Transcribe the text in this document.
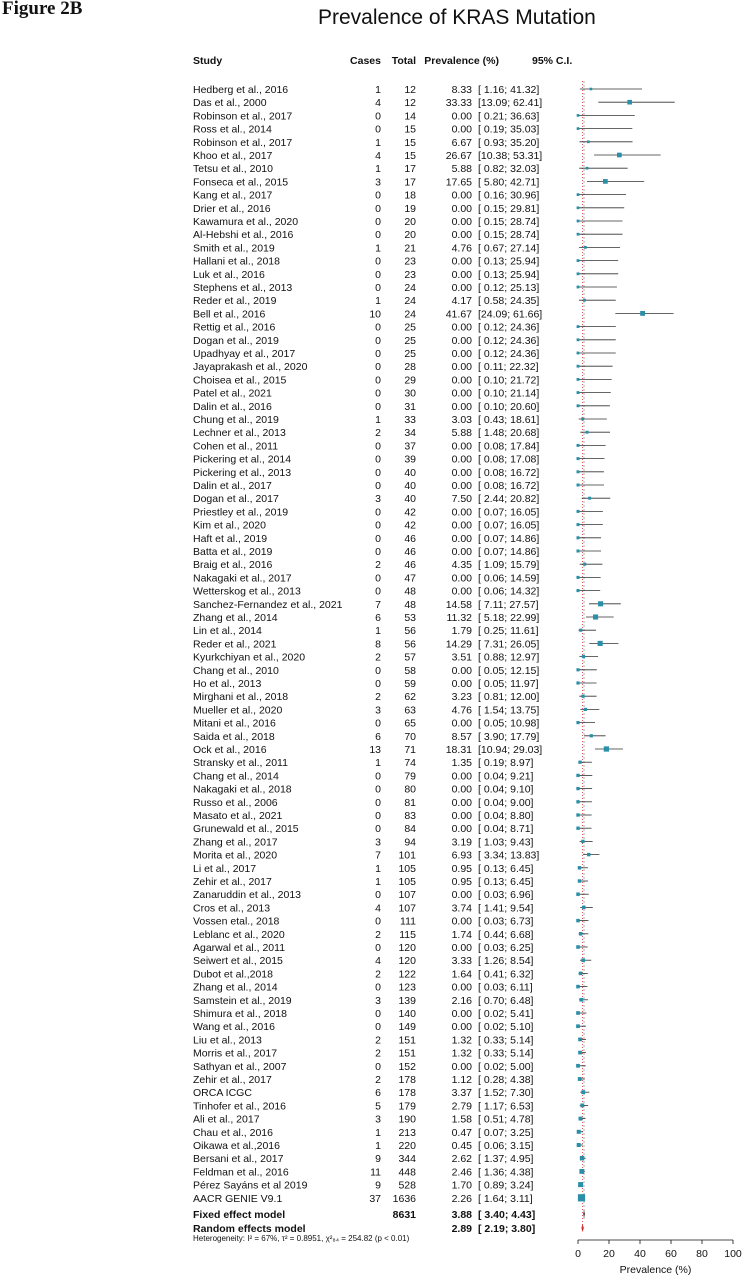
Figure 2B	Prevalence of KRAS Mutation
Study	Cases Total Prevalence (%)	95% C.I.
Hedberg et al., 2016	1 12	8.33 [ 1.16; 41.32]
Das et al., 2000	4 12	33.33 [13.09; 62.41]
Robinson et al., 2017	0 14	0.00 [ 0.21; 36.63]
Ross et al., 2014	0 15	0.00 [ 0.19; 35.03]
Robinson et al., 2017	1 15	6.67 [ 0.93; 35.20]
Khoo et al., 2017	4 15	26.67 [10.38; 53.31]
Tetsu et al., 2010	1 17	5.88 [ 0.82; 32.03]
Fonseca et al., 2015	3 17	17.65 [ 5.80; 42.71]
Kang et al., 2017	0 18	0.00 [ 0.16; 30.96]
Drier et al., 2016	0 19	0.00 [ 0.15; 29.81]
Kawamura et al., 2020	0 20	0.00 [ 0.15; 28.74]
Al-Hebshi et al., 2016	0 20	0.00 [ 0.15; 28.74]
Smith et al., 2019	1 21	4.76 [ 0.67; 27.14]
Hallani et al., 2018	0 23	0.00 [ 0.13; 25.94]
Luk et al., 2016	0 23	0.00 [ 0.13; 25.94]
Stephens et al., 2013	0 24	0.00 [ 0.12; 25.13]
Reder et al., 2019	1 24	4.17 [ 0.58; 24.35]
Bell et al., 2016	10 24	41.67 [24.09; 61.66]
Rettig et al., 2016	0 25	0.00 [ 0.12; 24.36]
Dogan et al., 2019	0 25	0.00 [ 0.12; 24.36]
Upadhyay et al., 2017	0 25	0.00 [ 0.12; 24.36]
Jayaprakash et al., 2020	0 28	0.00 [ 0.11; 22.32]
Choisea et al., 2015	0 29	0.00 [ 0.10; 21.72]
Patel et al., 2021	0 30	0.00 [ 0.10; 21.14]
Dalin et al., 2016	0 31	0.00 [ 0.10; 20.60]
Chung et al., 2019	1 33	3.03 [ 0.43; 18.61]
Lechner et al., 2013	2 34	5.88 [ 1.48; 20.68]
Cohen et al., 2011	0 37	0.00 [ 0.08; 17.84]
Pickering et al., 2014	0 39	0.00 [ 0.08; 17.08]
Pickering et al., 2013	0 40	0.00 [ 0.08; 16.72]
Dalin et al., 2017	0 40	0.00 [ 0.08; 16.72]
Dogan et al., 2017	3 40	7.50 [ 2.44; 20.82]
Priestley et al., 2019	0 42	0.00 [ 0.07; 16.05]
Kim et al., 2020	0 42	0.00 [ 0.07; 16.05]
Haft et al., 2019	0 46	0.00 [ 0.07; 14.86]
Batta et al., 2019	0 46	0.00 [ 0.07; 14.86]
Braig et al., 2016	2 46	4.35 [ 1.09; 15.79]
Nakagaki et al., 2017	0 47	0.00 [ 0.06; 14.59]
Wetterskog et al., 2013	0 48	0.00 [ 0.06; 14.32]
Sanchez-Fernandez et al., 2021	7 48	14.58 [ 7.11; 27.57]
Zhang et al., 2014	6 53	11.32 [ 5.18; 22.99]
Lin et al., 2014	1 56	1.79 [ 0.25; 11.61]
Reder et al., 2021	8 56	14.29 [ 7.31; 26.05]
Kyurkchiyan et al., 2020	2 57	3.51 [ 0.88; 12.97]
Chang et al., 2010	0 58	0.00 [ 0.05; 12.15]
Ho et al., 2013	0 59	0.00 [ 0.05; 11.97]
Mirghani et al., 2018	2 62	3.23 [ 0.81; 12.00]
Mueller et al., 2020	3 63	4.76 [ 1.54; 13.75]
Mitani et al., 2016	0 65	0.00 [ 0.05; 10.98]
Saida et al., 2018	6 70	8.57 [ 3.90; 17.79]
Ock et al., 2016	13 71	18.31 [10.94; 29.03]
Stransky et al., 2011	1 74	1.35 [ 0.19; 8.97]
Chang et al., 2014	0 79	0.00 [ 0.04; 9.21]
Nakagaki et al., 2018	0 80	0.00 [ 0.04; 9.10]
Russo et al., 2006	0 81	0.00 [ 0.04; 9.00]
Masato et al., 2021	0 83	0.00 [ 0.04; 8.80]
Grunewald et al., 2015	0 84	0.00 [ 0.04; 8.71]
Zhang et al., 2017	3 94	3.19 [ 1.03; 9.43]
Morita et al., 2020	7 101	6.93 [ 3.34; 13.83]
Li et al., 2017	1 105	0.95 [ 0.13; 6.45]
Zehir et al., 2017	1 105	0.95 [ 0.13; 6.45]
Zanaruddin et al., 2013	0 107	0.00 [ 0.03; 6.96]
Cros et al., 2013	4 107	3.74 [ 1.41; 9.54]
Vossen etal., 2018	0 111	0.00 [ 0.03; 6.73]
Leblanc et al., 2020	2 115	1.74 [ 0.44; 6.68]
Agarwal et al., 2011	0 120	0.00 [ 0.03; 6.25]
Seiwert et al., 2015	4 120	3.33 [ 1.26; 8.54]
Dubot et al.,2018	2 122	1.64 [ 0.41; 6.32]
Zhang et al., 2014	0 123	0.00 [ 0.03; 6.11]
Samstein et al., 2019	3 139	2.16 [ 0.70; 6.48]
Shimura et al., 2018	0 140	0.00 [ 0.02; 5.41]
Wang et al., 2016	0 149	0.00 [ 0.02; 5.10]
Liu et al., 2013	2 151	1.32 [ 0.33; 5.14]
Morris et al., 2017	2 151	1.32 [ 0.33; 5.14]
Sathyan et al., 2007	0 152	0.00 [ 0.02; 5.00]
Zehir et al., 2017	2 178	1.12 [ 0.28; 4.38]
ORCA ICGC	6 178	3.37 [ 1.52; 7.30]
Tinhofer et al., 2016	5 179	2.79 [ 1.17; 6.53]
Ali et al., 2017	3 190	1.58 [ 0.51; 4.78]
Chau et al., 2016	1 213	0.47 [ 0.07; 3.25]
Oikawa et al.,2016	1 220	0.45 [ 0.06; 3.15]
Bersani et al., 2017	9 344	2.62 [ 1.37; 4.95]
Feldman et al., 2016	11 448	2.46 [ 1.36; 4.38]
Pérez Sayáns et al 2019	9 528	1.70 [ 0.89; 3.24]
AACR GENIE V9.1	37 1636	2.26 [ 1.64; 3.11]
Fixed effect model	8631	3.88 [ 3.40; 4.43]
Random effects model	2.89 [ 2.19; 3.80]
Heterogeneity: I² = 67%, τ² = 0.8951, χ²₈₄ = 254.82 (p < 0.01)
0 20 40 60 80 100
Prevalence (%)
